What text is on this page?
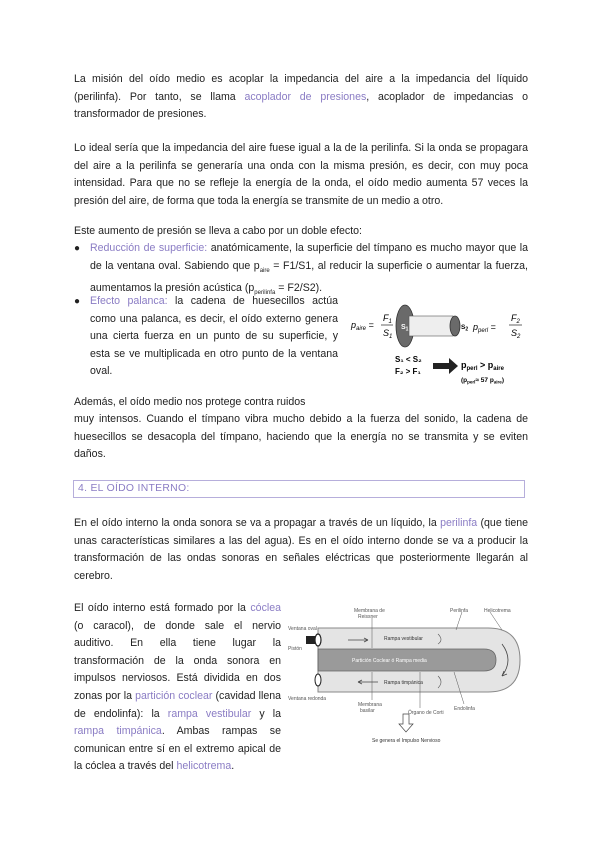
La misión del oído medio es acoplar la impedancia del aire a la impedancia del líquido (perilinfa). Por tanto, se llama acoplador de presiones, acoplador de impedancias o transformador de presiones.

Lo ideal sería que la impedancia del aire fuese igual a la de la perilinfa. Si la onda se propagara del aire a la perilinfa se generaría una onda con la misma presión, es decir, con muy poca intensidad. Para que no se refleje la energía de la onda, el oído medio aumenta 57 veces la presión del aire, de forma que toda la energía se transmite de un medio a otro.

Este aumento de presión se lleva a cabo por un doble efecto:

● Reducción de superficie: anatómicamente, la superficie del tímpano es mucho mayor que la de la ventana oval. Sabiendo que $p_{aire} = F1/S1$, al reducir la superficie o aumentar la fuerza, aumentamos la presión acústica $(p_{perilinfa} = F2/S2)$.
● Efecto palanca: la cadena de huesecillos actúa como una palanca, es decir, el oído externo genera una cierta fuerza en un punto de su superficie, y esta se ve multiplicada en otro punto de la ventana oval.
$p_{aire}$ =
$F_1$
$S_1$
$S_1$	$S_2$ $p_{perl}$ =
$F_2$
$S_2$
S₁ < S₂
F₂ > F₁
$p_{perl} > p_{aire}$
($p_{perl}\approx 57$ $p_{aire}$)

Además, el oído medio nos protege contra ruidos

muy intensos. Cuando el tímpano vibra mucho debido a la fuerza del sonido, la cadena de huesecillos se desacopla del tímpano, haciendo que la energía no se transmita y se eviten daños.

4. EL OÍDO INTERNO:

En el oído interno la onda sonora se va a propagar a través de un líquido, la perilinfa (que tiene unas características similares a las del agua). Es en el oído interno donde se va a producir la transformación de las ondas sonoras en señales eléctricas que posteriormente llegarán al cerebro.

El oído interno está formado por la cóclea (o caracol), de donde sale el nervio auditivo. En ella tiene lugar la transformación de la onda sonora en impulsos nerviosos. Está dividida en dos zonas por la partición coclear (cavidad llena de endolinfa): la rampa vestibular y la rampa timpánica. Ambas rampas se comunican entre sí en el extremo apical de la cóclea a través del helicotrema.

Membrana de
Reissner
Perilinfa	Helicotrema
Ventana oval
Pistón
Rampa vestibular
Partición Coclear ó Rampa media
Rampa timpánica
Ventana redonda
Membrana
basilar	Órgano de Corti
Endolinfa
Se genera el Impulso Nervioso
